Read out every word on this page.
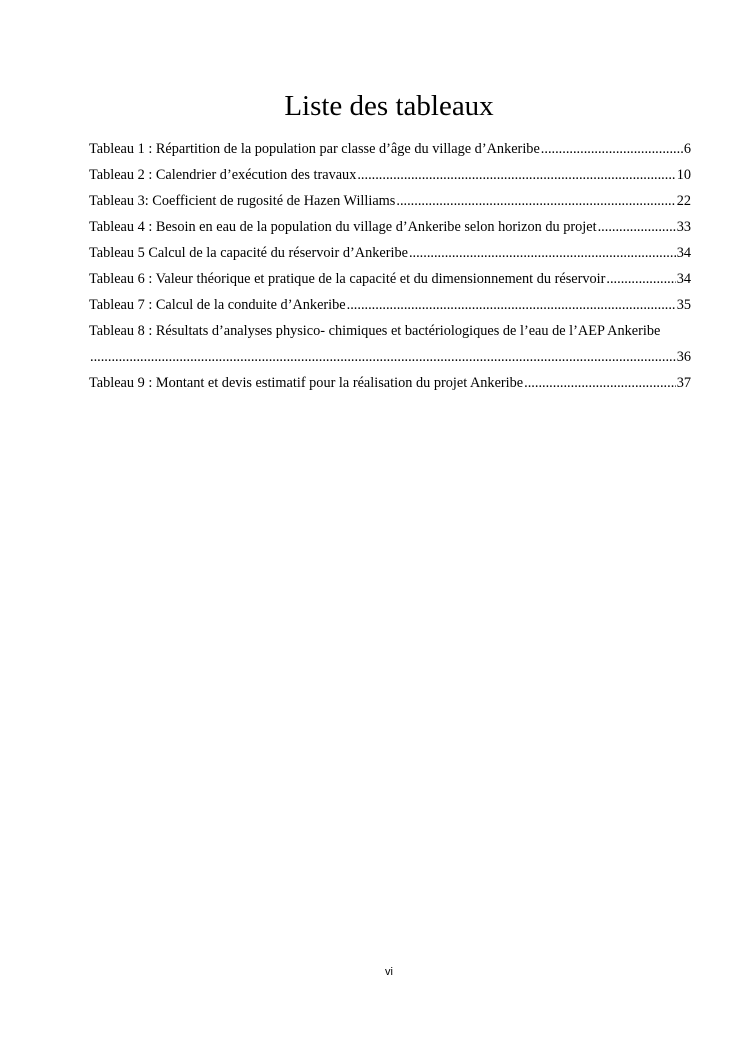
Liste des tableaux
Tableau 1 : Répartition de la population par classe d’âge du village d’Ankeribe .....	6
Tableau 2 : Calendrier d’exécution des travaux .....	10
Tableau 3: Coefficient de rugosité de Hazen Williams .....	22
Tableau 4 : Besoin en eau de la population du village d’Ankeribe selon horizon du projet .....	33
Tableau 5 Calcul de la capacité du réservoir d’Ankeribe .....	34
Tableau 6 : Valeur théorique et pratique de la capacité et du dimensionnement du réservoir .....	34
Tableau 7 : Calcul de la conduite d’Ankeribe .....	35
Tableau 8 : Résultats d’analyses physico- chimiques et bactériologiques de l’eau de l’AEP Ankeribe
.....
36
Tableau 9 : Montant et devis estimatif pour la réalisation du projet Ankeribe .....	37
vi
